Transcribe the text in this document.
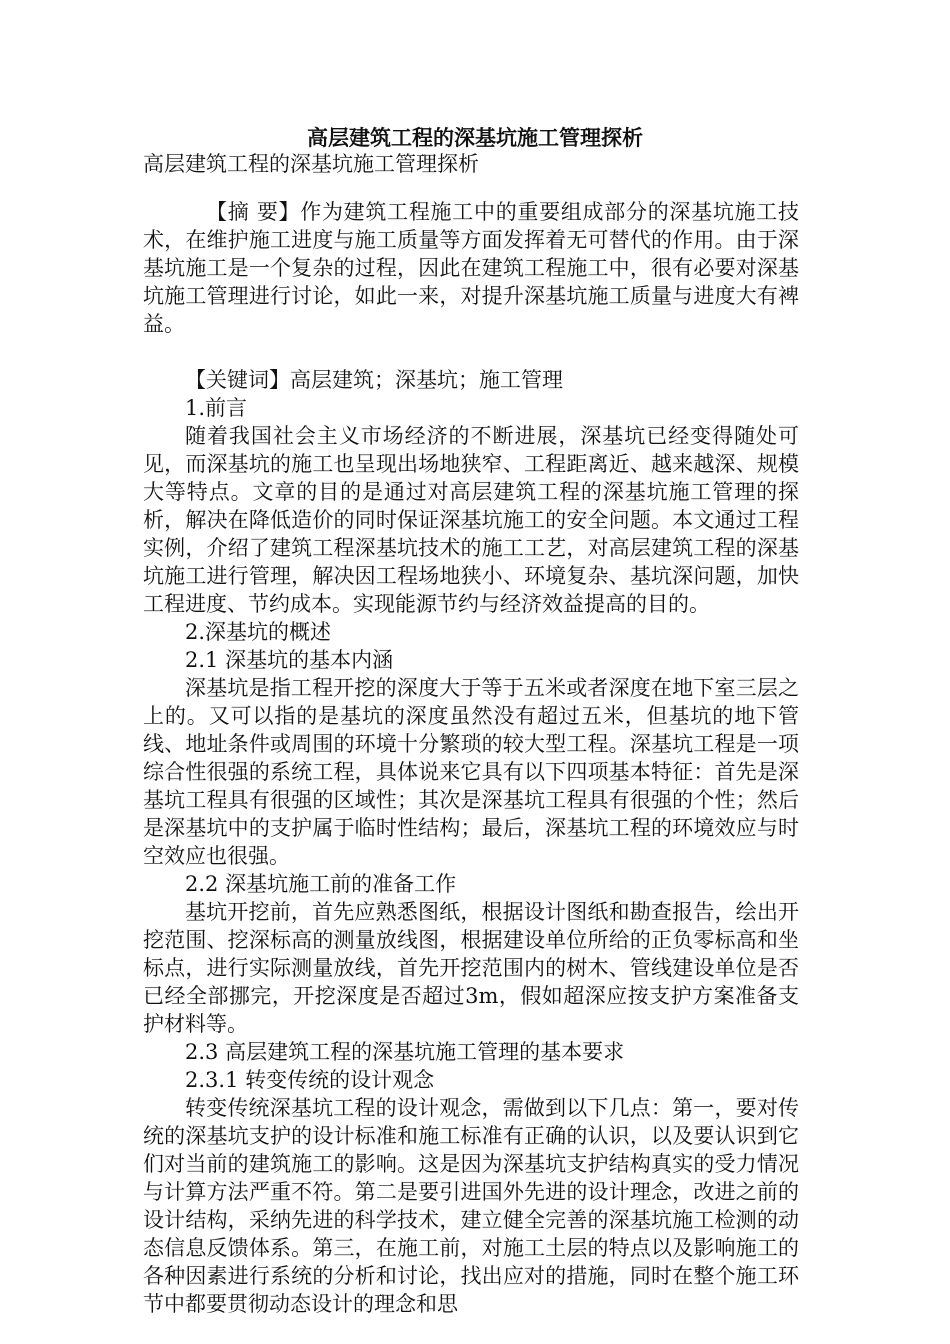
高层建筑工程的深基坑施工管理探析
高层建筑工程的深基坑施工管理探析

【摘 要】作为建筑工程施工中的重要组成部分的深基坑施工技术，在维护施工进度与施工质量等方面发挥着无可替代的作用。由于深基坑施工是一个复杂的过程，因此在建筑工程施工中，很有必要对深基坑施工管理进行讨论，如此一来，对提升深基坑施工质量与进度大有裨益。

【关键词】高层建筑；深基坑；施工管理

1.前言

随着我国社会主义市场经济的不断进展，深基坑已经变得随处可见，而深基坑的施工也呈现出场地狭窄、工程距离近、越来越深、规模大等特点。文章的目的是通过对高层建筑工程的深基坑施工管理的探析，解决在降低造价的同时保证深基坑施工的安全问题。本文通过工程实例，介绍了建筑工程深基坑技术的施工工艺，对高层建筑工程的深基坑施工进行管理，解决因工程场地狭小、环境复杂、基坑深问题，加快工程进度、节约成本。实现能源节约与经济效益提高的目的。

2.深基坑的概述

2.1 深基坑的基本内涵

深基坑是指工程开挖的深度大于等于五米或者深度在地下室三层之上的。又可以指的是基坑的深度虽然没有超过五米，但基坑的地下管线、地址条件或周围的环境十分繁琐的较大型工程。深基坑工程是一项综合性很强的系统工程，具体说来它具有以下四项基本特征：首先是深基坑工程具有很强的区域性；其次是深基坑工程具有很强的个性；然后是深基坑中的支护属于临时性结构；最后，深基坑工程的环境效应与时空效应也很强。

2.2 深基坑施工前的准备工作

基坑开挖前，首先应熟悉图纸，根据设计图纸和勘查报告，绘出开挖范围、挖深标高的测量放线图，根据建设单位所给的正负零标高和坐标点，进行实际测量放线，首先开挖范围内的树木、管线建设单位是否已经全部挪完，开挖深度是否超过3m，假如超深应按支护方案准备支护材料等。

2.3 高层建筑工程的深基坑施工管理的基本要求

2.3.1 转变传统的设计观念

转变传统深基坑工程的设计观念，需做到以下几点：第一，要对传统的深基坑支护的设计标准和施工标准有正确的认识，以及要认识到它们对当前的建筑施工的影响。这是因为深基坑支护结构真实的受力情况与计算方法严重不符。第二是要引进国外先进的设计理念，改进之前的设计结构，采纳先进的科学技术，建立健全完善的深基坑施工检测的动态信息反馈体系。第三，在施工前，对施工土层的特点以及影响施工的各种因素进行系统的分析和讨论，找出应对的措施，同时在整个施工环节中都要贯彻动态设计的理念和思
